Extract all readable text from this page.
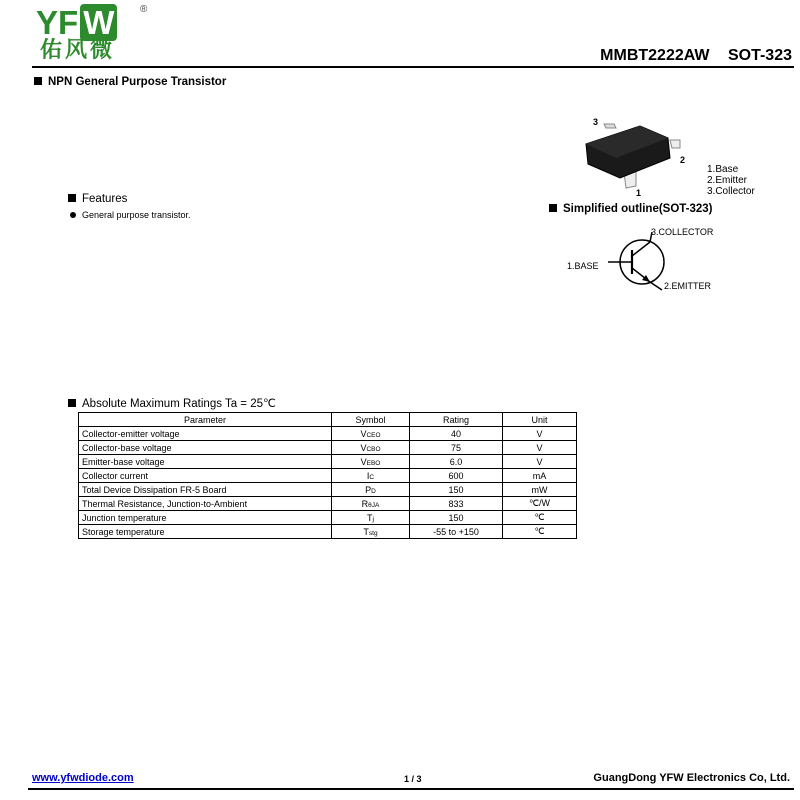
YF W	®
佑风微	MMBT2222AW SOT-323
NPN General Purpose Transistor
3
2
1
1.Base
2.Emitter
3.Collector
Features
General purpose transistor.	Simplified outline(SOT-323)
3.COLLECTOR
1.BASE
2.EMITTER
Absolute Maximum Ratings Ta = 25℃
Parameter	Symbol	Rating	Unit
Collector-emitter voltage	VCEO	40	V
Collector-base voltage	VCBO	75	V
Emitter-base voltage	VEBO	6.0	V
Collector current	IC	600	mA
Total Device Dissipation FR-5 Board	PD	150	mW
Thermal Resistance, Junction-to-Ambient	RθJA	833	℃/W
Junction temperature	Tj	150	℃
Storage temperature	Tstg	-55 to +150	℃
www.yfwdiode.com	1 / 3	GuangDong YFW Electronics Co, Ltd.
